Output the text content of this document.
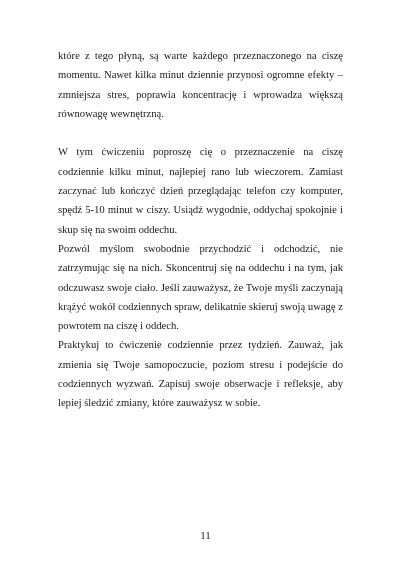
które z tego płyną, są warte każdego przeznaczonego na ciszę momentu. Nawet kilka minut dziennie przynosi ogromne efekty – zmniejsza stres, poprawia koncentrację i wprowadza większą równowagę wewnętrzną.

W tym ćwiczeniu poproszę cię o przeznaczenie na ciszę codziennie kilku minut, najlepiej rano lub wieczorem. Zamiast zaczynać lub kończyć dzień przeglądając telefon czy komputer, spędź 5-10 minut w ciszy. Usiądź wygodnie, oddychaj spokojnie i skup się na swoim oddechu.

Pozwól myślom swobodnie przychodzić i odchodzić, nie zatrzymując się na nich. Skoncentruj się na oddechu i na tym, jak odczuwasz swoje ciało. Jeśli zauważysz, że Twoje myśli zaczynają krążyć wokół codziennych spraw, delikatnie skieruj swoją uwagę z powrotem na ciszę i oddech.

Praktykuj to ćwiczenie codziennie przez tydzień. Zauważ, jak zmienia się Twoje samopoczucie, poziom stresu i podejście do codziennych wyzwań. Zapisuj swoje obserwacje i refleksje, aby lepiej śledzić zmiany, które zauważysz w sobie.

11
